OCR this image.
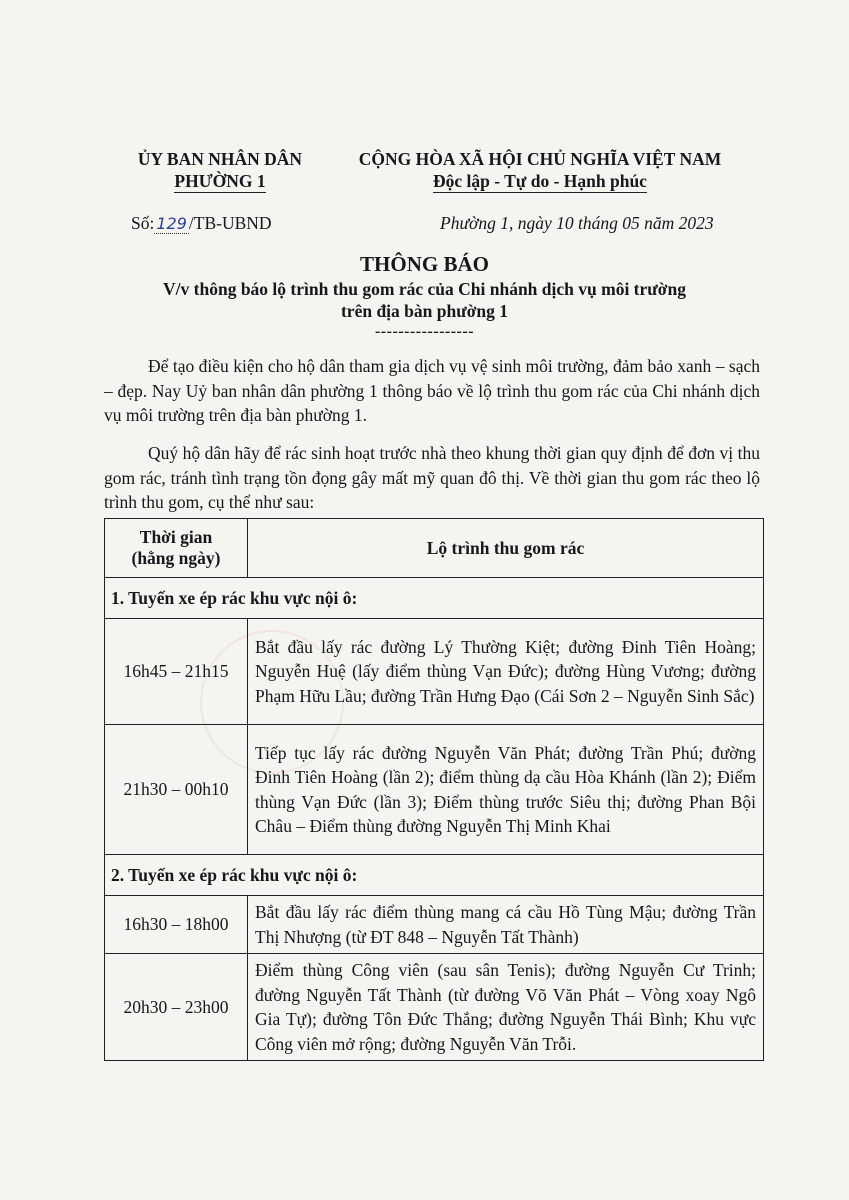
ỦY BAN NHÂN DÂN
PHƯỜNG 1
CỘNG HÒA XÃ HỘI CHỦ NGHĨA VIỆT NAM
Độc lập - Tự do - Hạnh phúc
Số: 129 /TB-UBND	Phường 1, ngày 10 tháng 05 năm 2023
THÔNG BÁO
V/v thông báo lộ trình thu gom rác của Chi nhánh dịch vụ môi trường
trên địa bàn phường 1
-----------------

Để tạo điều kiện cho hộ dân tham gia dịch vụ vệ sinh môi trường, đảm bảo xanh – sạch – đẹp. Nay Uỷ ban nhân dân phường 1 thông báo về lộ trình thu gom rác của Chi nhánh dịch vụ môi trường trên địa bàn phường 1.

Quý hộ dân hãy để rác sinh hoạt trước nhà theo khung thời gian quy định để đơn vị thu gom rác, tránh tình trạng tồn đọng gây mất mỹ quan đô thị. Về thời gian thu gom rác theo lộ trình thu gom, cụ thể như sau:

Thời gian
(hằng ngày)	Lộ trình thu gom rác
1. Tuyến xe ép rác khu vực nội ô:	
16h45 – 21h15	Bắt đầu lấy rác đường Lý Thường Kiệt; đường Đinh Tiên Hoàng; Nguyễn Huệ (lấy điểm thùng Vạn Đức); đường Hùng Vương; đường Phạm Hữu Lầu; đường Trần Hưng Đạo (Cái Sơn 2 – Nguyễn Sinh Sắc)
21h30 – 00h10	Tiếp tục lấy rác đường Nguyễn Văn Phát; đường Trần Phú; đường Đinh Tiên Hoàng (lần 2); điểm thùng dạ cầu Hòa Khánh (lần 2); Điểm thùng Vạn Đức (lần 3); Điểm thùng trước Siêu thị; đường Phan Bội Châu – Điểm thùng đường Nguyễn Thị Minh Khai
2. Tuyến xe ép rác khu vực nội ô:	
16h30 – 18h00	Bắt đầu lấy rác điểm thùng mang cá cầu Hồ Tùng Mậu; đường Trần Thị Nhượng (từ ĐT 848 – Nguyễn Tất Thành)
20h30 – 23h00	Điểm thùng Công viên (sau sân Tenis); đường Nguyễn Cư Trinh; đường Nguyễn Tất Thành (từ đường Võ Văn Phát – Vòng xoay Ngô Gia Tự); đường Tôn Đức Thắng; đường Nguyễn Thái Bình; Khu vực Công viên mở rộng; đường Nguyễn Văn Trỗi.
